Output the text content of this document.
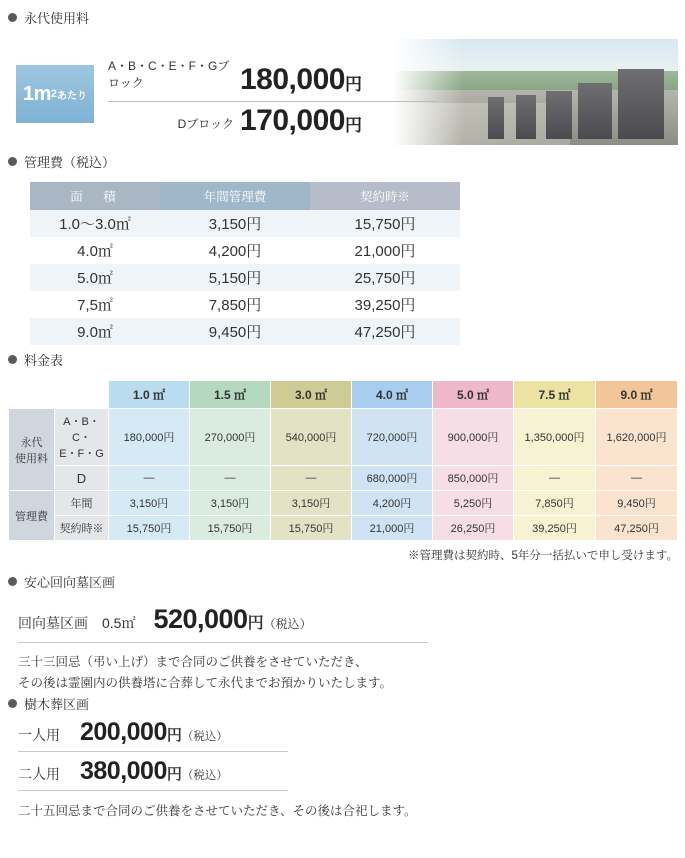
永代使用料
1m 2 あたり
A・B・C・E・F・Gブロック	180,000 円
Dブロック 170,000 円
管理費（税込）
面　積	年間管理費	契約時※
1.0〜3.0㎡	3,150円	15,750円
4.0㎡	4,200円	21,000円
5.0㎡	5,150円	25,750円
7,5㎡	7,850円	39,250円
9.0㎡	9,450円	47,250円
料金表
		1.0 ㎡	1.5 ㎡	3.0 ㎡	4.0 ㎡	5.0 ㎡	7.5 ㎡	9.0 ㎡

永代
使用料

A・B・C・
E・F・G
	180,000円	270,000円	540,000円	720,000円	900,000円	1,350,000円	1,620,000円
	D	—	—	—	680,000円	850,000円	—	—
管理費	年間	3,150円	3,150円	3,150円	4,200円	5,250円	7,850円	9,450円
	契約時※	15,750円	15,750円	15,750円	21,000円	26,250円	39,250円	47,250円
※管理費は契約時、5年分一括払いで申し受けます。
安心回向墓区画
回向墓区画 0.5㎡ 520,000 円 （税込）
三十三回忌（弔い上げ）まで合同のご供養をさせていただき、
その後は霊園内の供養塔に合葬して永代までお預かりいたします。
樹木葬区画
一人用 200,000 円 （税込）
二人用 380,000 円 （税込）
二十五回忌まで合同のご供養をさせていただき、その後は合祀します。
